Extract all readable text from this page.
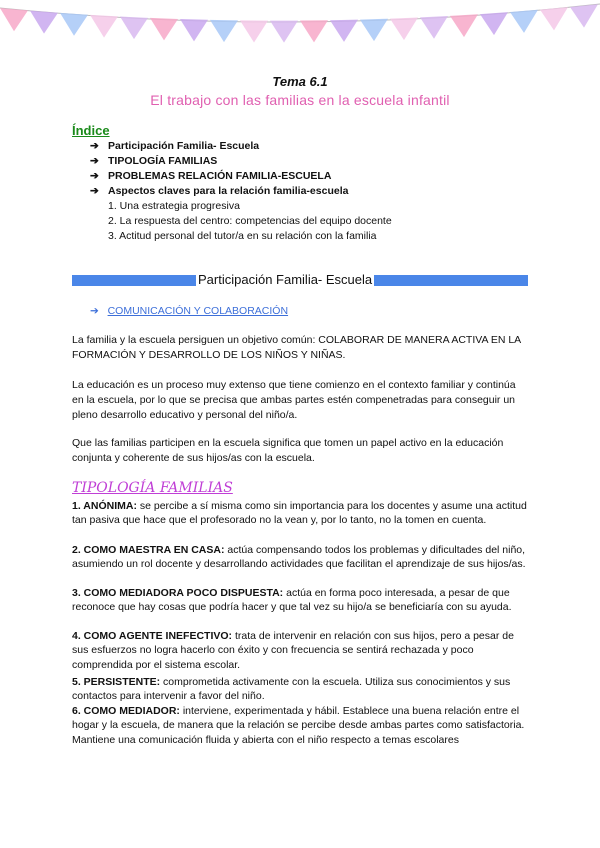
Tema 6.1
El trabajo con las familias en la escuela infantil
Índice
➔ Participación Familia- Escuela
➔ TIPOLOGÍA FAMILIAS
➔ PROBLEMAS RELACIÓN FAMILIA-ESCUELA
➔ Aspectos claves para la relación familia-escuela
1. Una estrategia progresiva
2. La respuesta del centro: competencias del equipo docente
3. Actitud personal del tutor/a en su relación con la familia
Participación Familia- Escuela
➔ COMUNICACIÓN Y COLABORACIÓN
La familia y la escuela persiguen un objetivo común: COLABORAR DE MANERA ACTIVA EN LA FORMACIÓN Y DESARROLLO DE LOS NIÑOS Y NIÑAS.
La educación es un proceso muy extenso que tiene comienzo en el contexto familiar y continúa en la escuela, por lo que se precisa que ambas partes estén compenetradas para conseguir un pleno desarrollo educativo y personal del niño/a.
Que las familias participen en la escuela significa que tomen un papel activo en la educación conjunta y coherente de sus hijos/as con la escuela.
TIPOLOGÍA FAMILIAS
1. ANÓNIMA: se percibe a sí misma como sin importancia para los docentes y asume una actitud tan pasiva que hace que el profesorado no la vean y, por lo tanto, no la tomen en cuenta.
2. COMO MAESTRA EN CASA: actúa compensando todos los problemas y dificultades del niño, asumiendo un rol docente y desarrollando actividades que facilitan el aprendizaje de sus hijos/as.
3. COMO MEDIADORA POCO DISPUESTA: actúa en forma poco interesada, a pesar de que reconoce que hay cosas que podría hacer y que tal vez su hijo/a se beneficiaría con su ayuda.
4. COMO AGENTE INEFECTIVO: trata de intervenir en relación con sus hijos, pero a pesar de sus esfuerzos no logra hacerlo con éxito y con frecuencia se sentirá rechazada y poco comprendida por el sistema escolar.
5. PERSISTENTE: comprometida activamente con la escuela. Utiliza sus conocimientos y sus contactos para intervenir a favor del niño.
6. COMO MEDIADOR: interviene, experimentada y hábil. Establece una buena relación entre el hogar y la escuela, de manera que la relación se percibe desde ambas partes como satisfactoria. Mantiene una comunicación fluida y abierta con el niño respecto a temas escolares
